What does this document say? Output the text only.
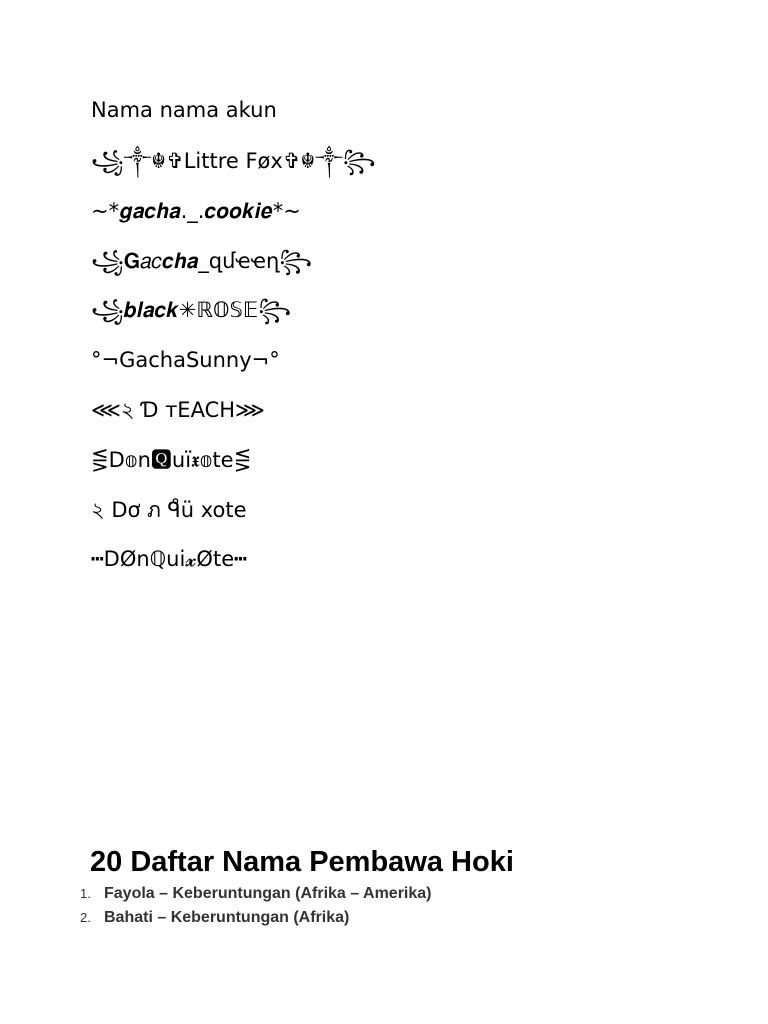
Nama nama akun
꧁༒☬✞Littre Føx✞☬༒꧂
~*𝒈𝒂𝒄𝒉𝒂._.𝒄𝒐𝒐𝒌𝒊𝒆*~
꧁𝐆𝑎𝑐𝒄𝒉𝒂_զմҽҽղ꧂
꧁𝒃𝒍𝒂𝒄𝒌✳ℝ𝕆𝕊𝔼꧂
°¬GachaSunny¬°
⋘২ Ɗ ᴛEACH⋙
⋚D𝕠n🆀uï𝖝𝕠te⋚
২ Dơ ภ ᑫ̊ü xote
┅DØnℚui𝔁Øte┅
20 Daftar Nama Pembawa Hoki
1. Fayola – Keberuntungan (Afrika – Amerika)
2. Bahati – Keberuntungan (Afrika)
